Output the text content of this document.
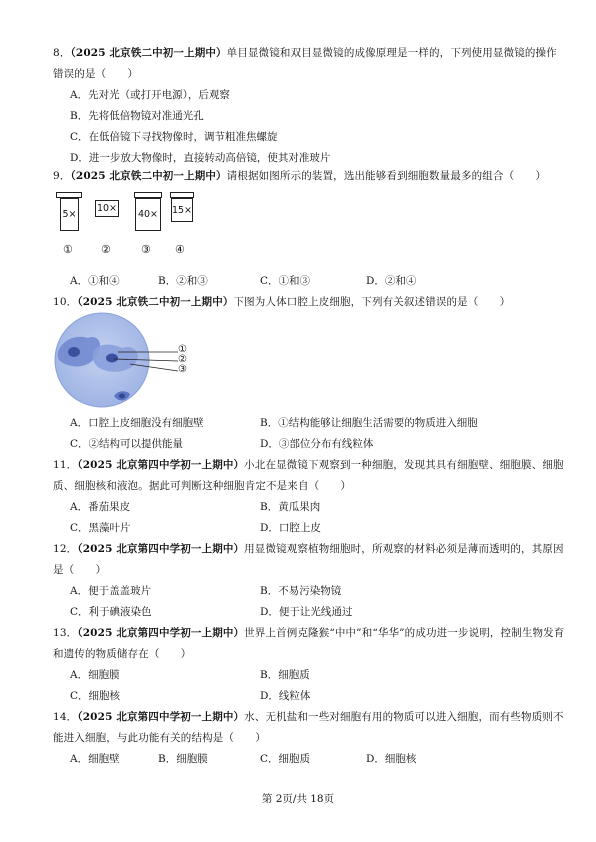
8．（2025 北京铁二中初一上期中）单目显微镜和双目显微镜的成像原理是一样的，下列使用显微镜的操作
错误的是（　　）
A．先对光（或打开电源），后观察
B．先将低倍物镜对准通光孔
C．在低倍镜下寻找物像时，调节粗准焦螺旋
D．进一步放大物像时，直接转动高倍镜，使其对准玻片
9．（2025 北京铁二中初一上期中）请根据如图所示的装置，选出能够看到细胞数量最多的组合（　　）
5×
10×
40× 15×
①	②	③ ④
A．①和④	B．②和③	C．①和③	D．②和④
10．（2025 北京铁二中初一上期中）下图为人体口腔上皮细胞，下列有关叙述错误的是（　　）
①
②
③
A．口腔上皮细胞没有细胞壁	B．①结构能够让细胞生活需要的物质进入细胞
C．②结构可以提供能量	D．③部位分布有线粒体
11．（2025 北京第四中学初一上期中）小北在显微镜下观察到一种细胞，发现其具有细胞壁、细胞膜、细胞
质、细胞核和液泡。据此可判断这种细胞肯定不是来自（　　）
A．番茄果皮	B．黄瓜果肉
C．黑藻叶片	D．口腔上皮
12．（2025 北京第四中学初一上期中）用显微镜观察植物细胞时，所观察的材料必须是薄而透明的，其原因
是（　　）
A．便于盖盖玻片	B．不易污染物镜
C．利于碘液染色	D．便于让光线通过
13．（2025 北京第四中学初一上期中）世界上首例克隆猴“中中”和“华华”的成功进一步说明，控制生物发育
和遗传的物质储存在（　　）
A．细胞膜	B．细胞质
C．细胞核	D．线粒体
14．（2025 北京第四中学初一上期中）水、无机盐和一些对细胞有用的物质可以进入细胞，而有些物质则不
能进入细胞，与此功能有关的结构是（　　）
A．细胞壁	B．细胞膜	C．细胞质	D．细胞核
第 2页/共 18页
